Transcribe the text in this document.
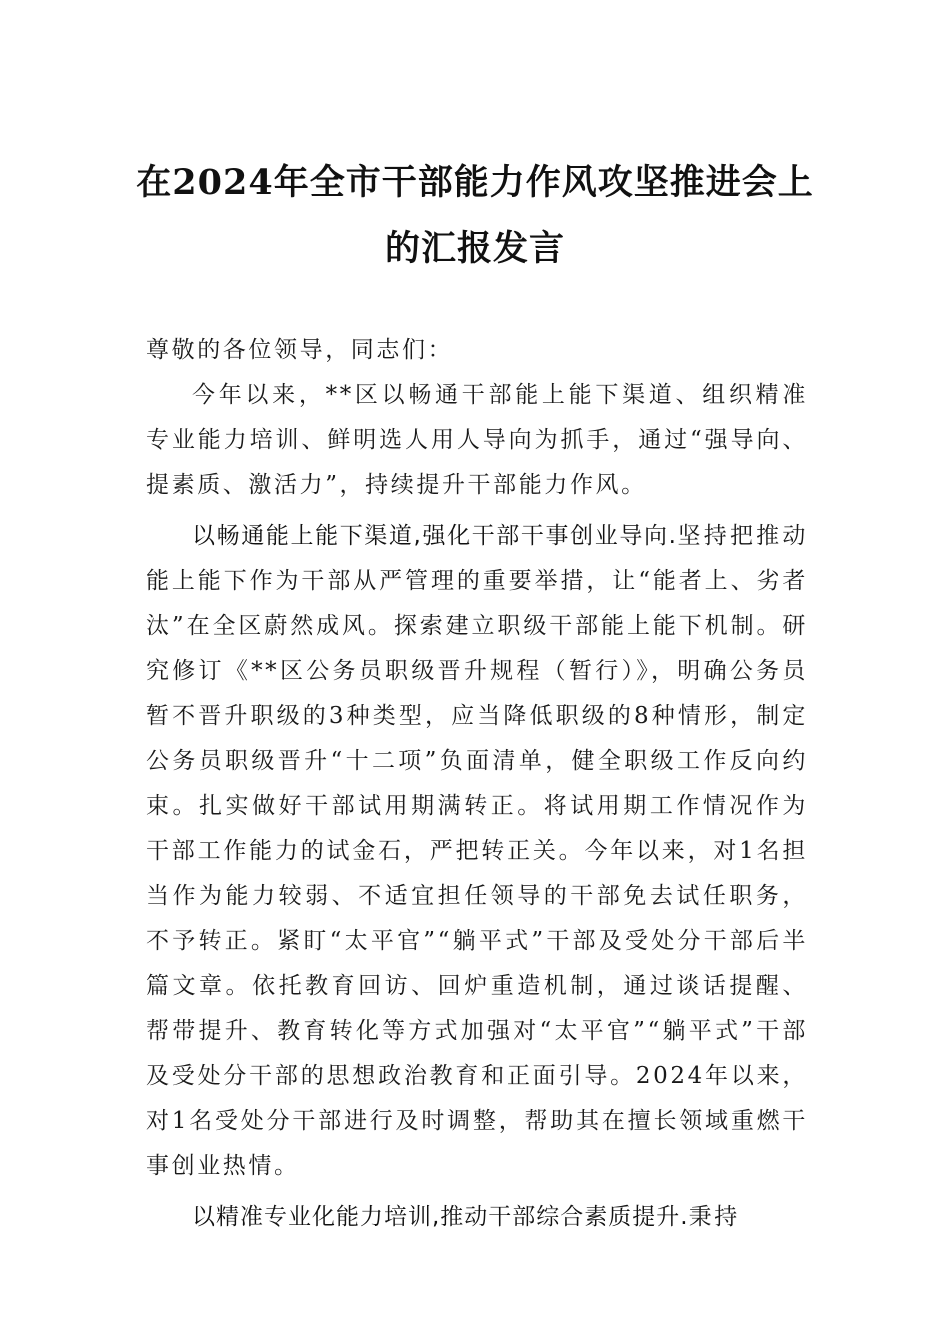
在2024年全市干部能力作风攻坚推进会上
的汇报发言

尊敬的各位领导，同志们：

今年以来，**区以畅通干部能上能下渠道、组织精准专业能力培训、鲜明选人用人导向为抓手，通过“强导向、提素质、激活力”，持续提升干部能力作风。

以畅通能上能下渠道,强化干部干事创业导向.坚持把推动能上能下作为干部从严管理的重要举措，让“能者上、劣者汰”在全区蔚然成风。探索建立职级干部能上能下机制。研究修订《**区公务员职级晋升规程（暂行）》，明确公务员暂不晋升职级的3种类型，应当降低职级的8种情形，制定公务员职级晋升“十二项”负面清单，健全职级工作反向约束。扎实做好干部试用期满转正。将试用期工作情况作为干部工作能力的试金石，严把转正关。今年以来，对1名担当作为能力较弱、不适宜担任领导的干部免去试任职务，不予转正。紧盯“太平官”“躺平式”干部及受处分干部后半篇文章。依托教育回访、回炉重造机制，通过谈话提醒、帮带提升、教育转化等方式加强对“太平官”“躺平式”干部及受处分干部的思想政治教育和正面引导。2024年以来，对1名受处分干部进行及时调整，帮助其在擅长领域重燃干事创业热情。

以精准专业化能力培训,推动干部综合素质提升.秉持
